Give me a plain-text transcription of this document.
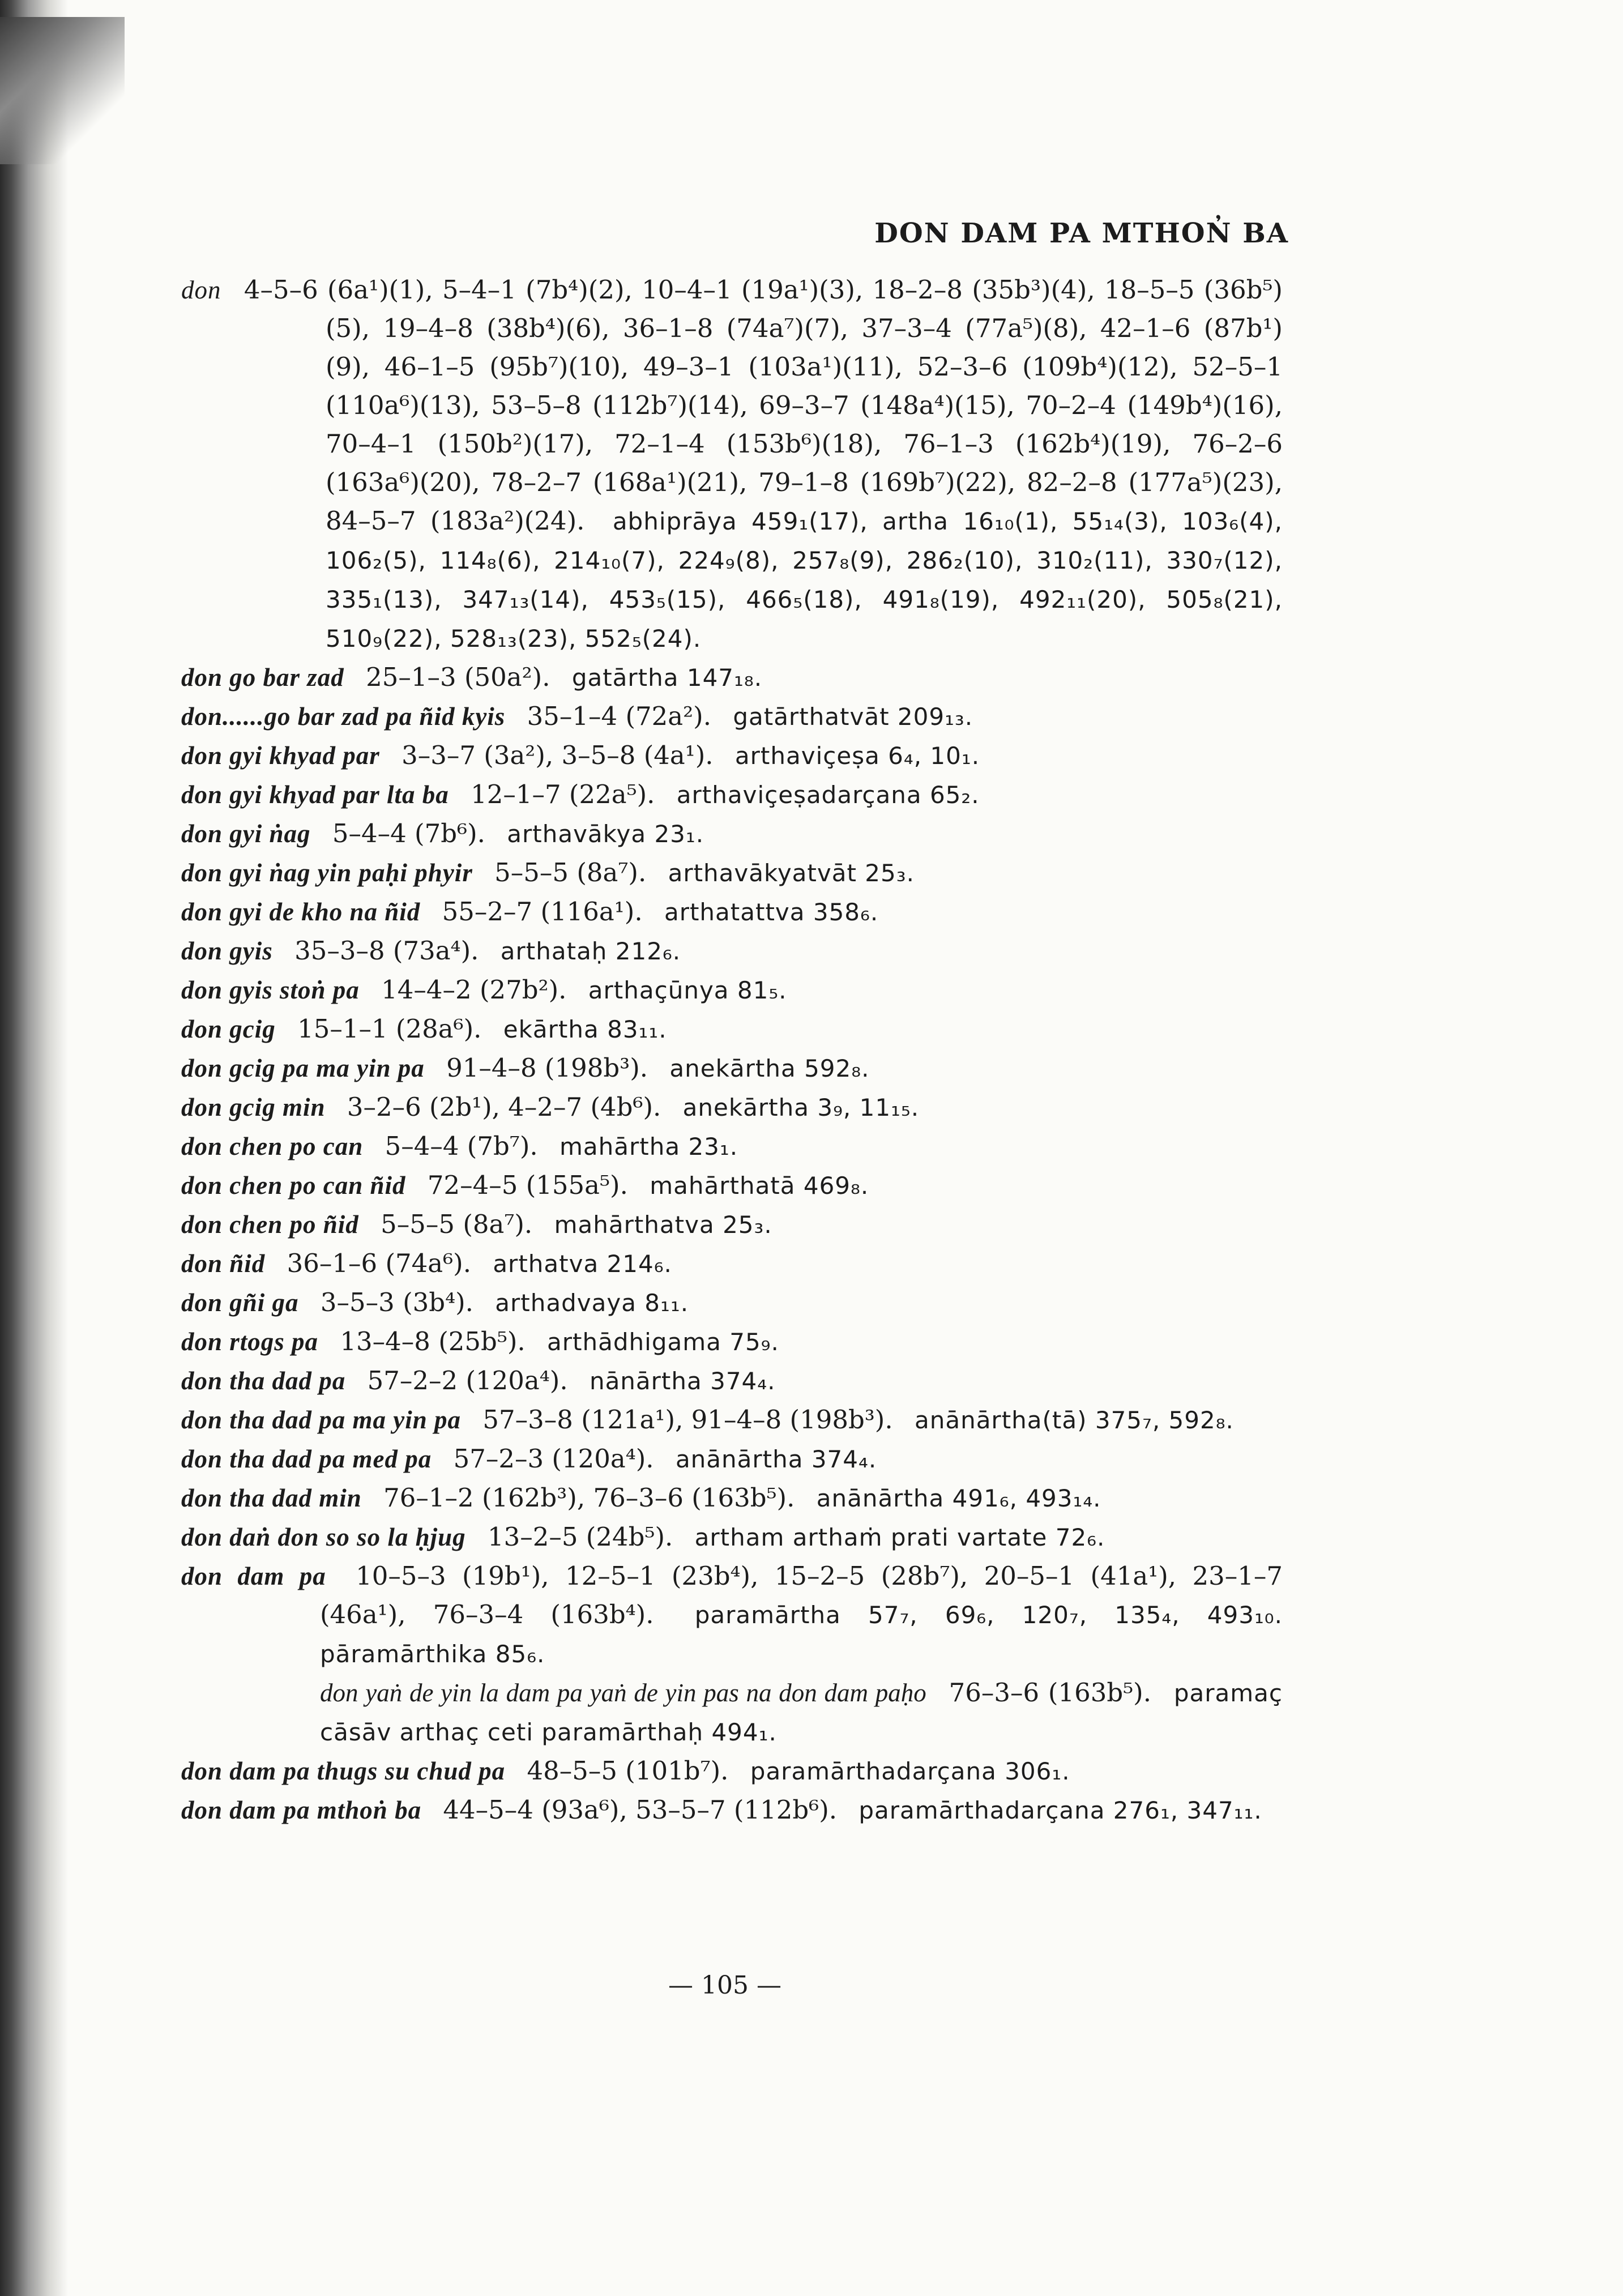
DON DAM PA MTHON̓ BA
don 4–5–6 (6a¹)(1), 5–4–1 (7b⁴)(2), 10–4–1 (19a¹)(3), 18–2–8 (35b³)(4), 18–5–5 (36b⁵)(5), 19–4–8 (38b⁴)(6), 36–1–8 (74a⁷)(7), 37–3–4 (77a⁵)(8), 42–1–6 (87b¹)(9), 46–1–5 (95b⁷)(10), 49–3–1 (103a¹)(11), 52–3–6 (109b⁴)(12), 52–5–1 (110a⁶)(13), 53–5–8 (112b⁷)(14), 69–3–7 (148a⁴)(15), 70–2–4 (149b⁴)(16), 70–4–1 (150b²)(17), 72–1–4 (153b⁶)(18), 76–1–3 (162b⁴)(19), 76–2–6 (163a⁶)(20), 78–2–7 (168a¹)(21), 79–1–8 (169b⁷)(22), 82–2–8 (177a⁵)(23), 84–5–7 (183a²)(24). abhiprāya 459₁(17), artha 16₁₀(1), 55₁₄(3), 103₆(4), 106₂(5), 114₈(6), 214₁₀(7), 224₉(8), 257₈(9), 286₂(10), 310₂(11), 330₇(12), 335₁(13), 347₁₃(14), 453₅(15), 466₅(18), 491₈(19), 492₁₁(20), 505₈(21), 510₉(22), 528₁₃(23), 552₅(24).
don go bar zad 25–1–3 (50a²). gatārtha 147₁₈.
don......go bar zad pa ñid kyis 35–1–4 (72a²). gatārthatvāt 209₁₃.
don gyi khyad par 3–3–7 (3a²), 3–5–8 (4a¹). arthaviçeṣa 6₄, 10₁.
don gyi khyad par lta ba 12–1–7 (22a⁵). arthaviçeṣadarçana 65₂.
don gyi ṅag 5–4–4 (7b⁶). arthavākya 23₁.
don gyi ṅag yin paḥi phyir 5–5–5 (8a⁷). arthavākyatvāt 25₃.
don gyi de kho na ñid 55–2–7 (116a¹). arthatattva 358₆.
don gyis 35–3–8 (73a⁴). arthataḥ 212₆.
don gyis stoṅ pa 14–4–2 (27b²). arthaçūnya 81₅.
don gcig 15–1–1 (28a⁶). ekārtha 83₁₁.
don gcig pa ma yin pa 91–4–8 (198b³). anekārtha 592₈.
don gcig min 3–2–6 (2b¹), 4–2–7 (4b⁶). anekārtha 3₉, 11₁₅.
don chen po can 5–4–4 (7b⁷). mahārtha 23₁.
don chen po can ñid 72–4–5 (155a⁵). mahārthatā 469₈.
don chen po ñid 5–5–5 (8a⁷). mahārthatva 25₃.
don ñid 36–1–6 (74a⁶). arthatva 214₆.
don gñi ga 3–5–3 (3b⁴). arthadvaya 8₁₁.
don rtogs pa 13–4–8 (25b⁵). arthādhigama 75₉.
don tha dad pa 57–2–2 (120a⁴). nānārtha 374₄.
don tha dad pa ma yin pa 57–3–8 (121a¹), 91–4–8 (198b³). anānārtha(tā) 375₇, 592₈.
don tha dad pa med pa 57–2–3 (120a⁴). anānārtha 374₄.
don tha dad min 76–1–2 (162b³), 76–3–6 (163b⁵). anānārtha 491₆, 493₁₄.
don daṅ don so so la ḥjug 13–2–5 (24b⁵). artham arthaṁ prati vartate 72₆.
don dam pa 10–5–3 (19b¹), 12–5–1 (23b⁴), 15–2–5 (28b⁷), 20–5–1 (41a¹), 23–1–7 (46a¹), 76–3–4 (163b⁴). paramārtha 57₇, 69₆, 120₇, 135₄, 493₁₀. pāramārthika 85₆.
don yaṅ de yin la dam pa yaṅ de yin pas na don dam paḥo 76–3–6 (163b⁵). paramaç cāsāv arthaç ceti paramārthaḥ 494₁.
don dam pa thugs su chud pa 48–5–5 (101b⁷). paramārthadarçana 306₁.
don dam pa mthoṅ ba 44–5–4 (93a⁶), 53–5–7 (112b⁶). paramārthadarçana 276₁, 347₁₁.
— 105 —
